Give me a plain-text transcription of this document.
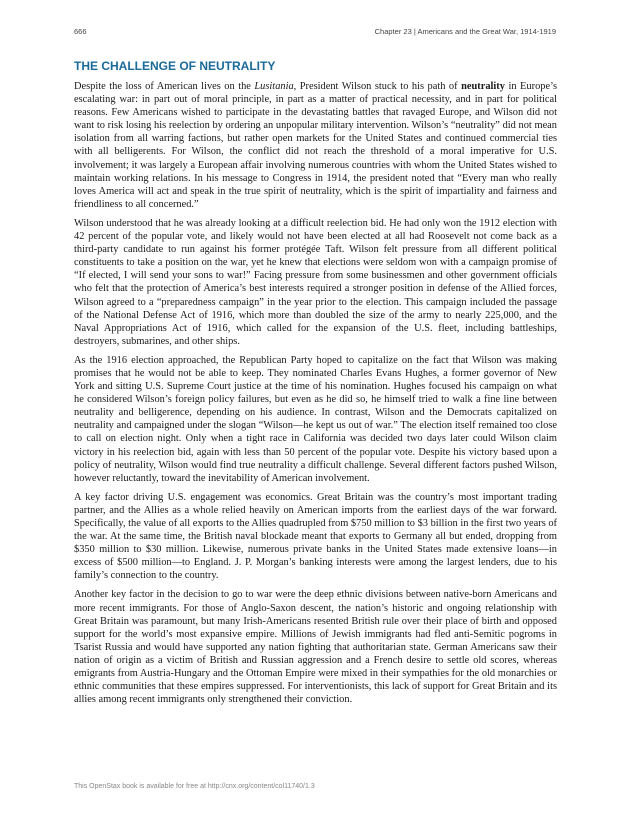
666	Chapter 23 | Americans and the Great War, 1914-1919
THE CHALLENGE OF NEUTRALITY

Despite the loss of American lives on the Lusitania, President Wilson stuck to his path of neutrality in Europe’s escalating war: in part out of moral principle, in part as a matter of practical necessity, and in part for political reasons. Few Americans wished to participate in the devastating battles that ravaged Europe, and Wilson did not want to risk losing his reelection by ordering an unpopular military intervention. Wilson’s “neutrality” did not mean isolation from all warring factions, but rather open markets for the United States and continued commercial ties with all belligerents. For Wilson, the conflict did not reach the threshold of a moral imperative for U.S. involvement; it was largely a European affair involving numerous countries with whom the United States wished to maintain working relations. In his message to Congress in 1914, the president noted that “Every man who really loves America will act and speak in the true spirit of neutrality, which is the spirit of impartiality and fairness and friendliness to all concerned.”

Wilson understood that he was already looking at a difficult reelection bid. He had only won the 1912 election with 42 percent of the popular vote, and likely would not have been elected at all had Roosevelt not come back as a third-party candidate to run against his former protégée Taft. Wilson felt pressure from all different political constituents to take a position on the war, yet he knew that elections were seldom won with a campaign promise of “If elected, I will send your sons to war!” Facing pressure from some businessmen and other government officials who felt that the protection of America’s best interests required a stronger position in defense of the Allied forces, Wilson agreed to a “preparedness campaign” in the year prior to the election. This campaign included the passage of the National Defense Act of 1916, which more than doubled the size of the army to nearly 225,000, and the Naval Appropriations Act of 1916, which called for the expansion of the U.S. fleet, including battleships, destroyers, submarines, and other ships.

As the 1916 election approached, the Republican Party hoped to capitalize on the fact that Wilson was making promises that he would not be able to keep. They nominated Charles Evans Hughes, a former governor of New York and sitting U.S. Supreme Court justice at the time of his nomination. Hughes focused his campaign on what he considered Wilson’s foreign policy failures, but even as he did so, he himself tried to walk a fine line between neutrality and belligerence, depending on his audience. In contrast, Wilson and the Democrats capitalized on neutrality and campaigned under the slogan “Wilson—he kept us out of war.” The election itself remained too close to call on election night. Only when a tight race in California was decided two days later could Wilson claim victory in his reelection bid, again with less than 50 percent of the popular vote. Despite his victory based upon a policy of neutrality, Wilson would find true neutrality a difficult challenge. Several different factors pushed Wilson, however reluctantly, toward the inevitability of American involvement.

A key factor driving U.S. engagement was economics. Great Britain was the country’s most important trading partner, and the Allies as a whole relied heavily on American imports from the earliest days of the war forward. Specifically, the value of all exports to the Allies quadrupled from $750 million to $3 billion in the first two years of the war. At the same time, the British naval blockade meant that exports to Germany all but ended, dropping from $350 million to $30 million. Likewise, numerous private banks in the United States made extensive loans—in excess of $500 million—to England. J. P. Morgan’s banking interests were among the largest lenders, due to his family’s connection to the country.

Another key factor in the decision to go to war were the deep ethnic divisions between native-born Americans and more recent immigrants. For those of Anglo-Saxon descent, the nation’s historic and ongoing relationship with Great Britain was paramount, but many Irish-Americans resented British rule over their place of birth and opposed support for the world’s most expansive empire. Millions of Jewish immigrants had fled anti-Semitic pogroms in Tsarist Russia and would have supported any nation fighting that authoritarian state. German Americans saw their nation of origin as a victim of British and Russian aggression and a French desire to settle old scores, whereas emigrants from Austria-Hungary and the Ottoman Empire were mixed in their sympathies for the old monarchies or ethnic communities that these empires suppressed. For interventionists, this lack of support for Great Britain and its allies among recent immigrants only strengthened their conviction.

This OpenStax book is available for free at http://cnx.org/content/col11740/1.3
